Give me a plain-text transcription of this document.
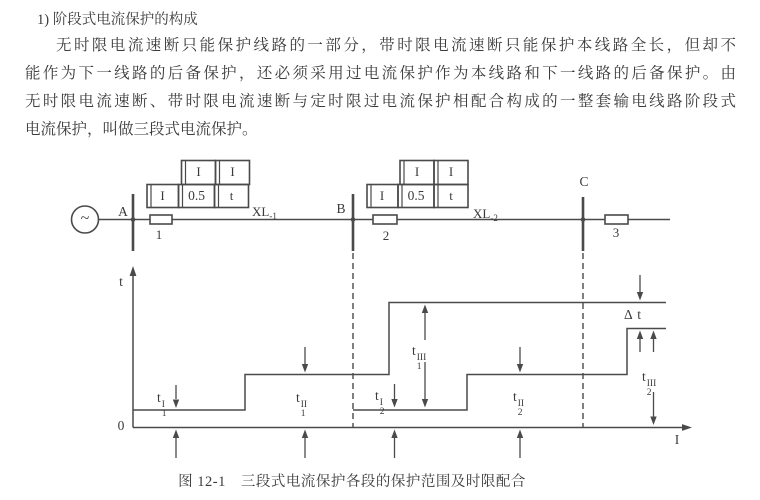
1) 阶段式电流保护的构成
无时限电流速断只能保护线路的一部分，带时限电流速断只能保护本线路全长，但却不
能作为下一线路的后备保护，还必须采用过电流保护作为本线路和下一线路的后备保护。由
无时限电流速断、带时限电流速断与定时限过电流保护相配合构成的一整套输电线路阶段式
电流保护，叫做三段式电流保护。
图 12-1　三段式电流保护各段的保护范围及时限配合
~ A	B
C
1	2	3
$XL_{-1}$	$XL_{-2}$
I 0.5 t
I I
I 0.5 t
I I
t
0
I
t I
1
t II
1
t III
1
t I
2
t II
2
t III
2
Δ t
